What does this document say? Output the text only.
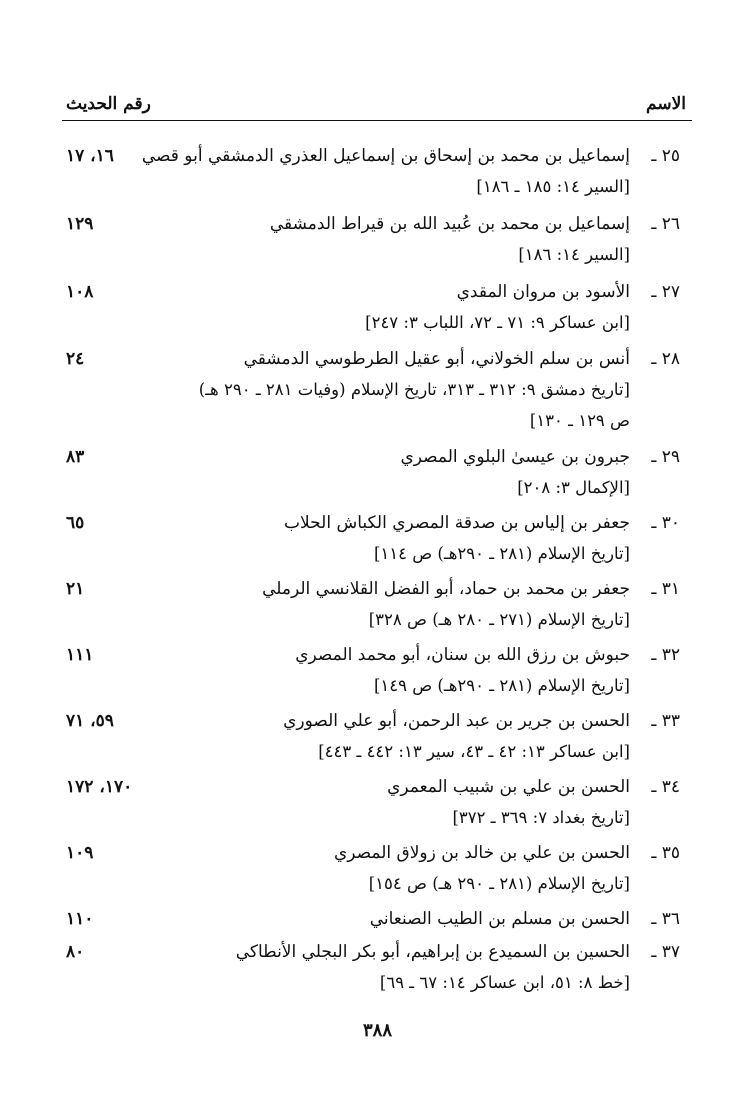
الاسم
رقم الحديث
٢٥ ـ
إسماعيل بن محمد بن إسحاق بن إسماعيل العذري الدمشقي أبو قصي
[السير ١٤: ١٨٥ ـ ١٨٦]
١٦، ١٧
٢٦ ـ
إسماعيل بن محمد بن عُبيد الله بن قيراط الدمشقي
[السير ١٤: ١٨٦]
١٢٩
٢٧ ـ
الأسود بن مروان المقدي
[ابن عساكر ٩: ٧١ ـ ٧٢، اللباب ٣: ٢٤٧]
١٠٨
٢٨ ـ
أنس بن سلم الخولاني، أبو عقيل الطرطوسي الدمشقي
[تاريخ دمشق ٩: ٣١٢ ـ ٣١٣، تاريخ الإسلام (وفيات ٢٨١ ـ ٢٩٠ هـ)
ص ١٢٩ ـ ١٣٠]
٢٤
٢٩ ـ
جبرون بن عيسىٰ البلوي المصري
[الإكمال ٣: ٢٠٨]
٨٣
٣٠ ـ
جعفر بن إلياس بن صدقة المصري الكباش الحلاب
[تاريخ الإسلام (٢٨١ ـ ٢٩٠هـ) ص ١١٤]
٦٥
٣١ ـ
جعفر بن محمد بن حماد، أبو الفضل القلانسي الرملي
[تاريخ الإسلام (٢٧١ ـ ٢٨٠ هـ) ص ٣٢٨]
٢١
٣٢ ـ
حبوش بن رزق الله بن سنان، أبو محمد المصري
[تاريخ الإسلام (٢٨١ ـ ٢٩٠هـ) ص ١٤٩]
١١١
٣٣ ـ
الحسن بن جرير بن عبد الرحمن، أبو علي الصوري
[ابن عساكر ١٣: ٤٢ ـ ٤٣، سير ١٣: ٤٤٢ ـ ٤٤٣]
٥٩، ٧١
٣٤ ـ
الحسن بن علي بن شبيب المعمري
[تاريخ بغداد ٧: ٣٦٩ ـ ٣٧٢]
١٧٠، ١٧٢
٣٥ ـ
الحسن بن علي بن خالد بن زولاق المصري
[تاريخ الإسلام (٢٨١ ـ ٢٩٠ هـ) ص ١٥٤]
١٠٩
٣٦ ـ
الحسن بن مسلم بن الطيب الصنعاني
١١٠
٣٧ ـ
الحسين بن السميدع بن إبراهيم، أبو بكر البجلي الأنطاكي
[خط ٨: ٥١، ابن عساكر ١٤: ٦٧ ـ ٦٩]
٨٠
٣٨٨
